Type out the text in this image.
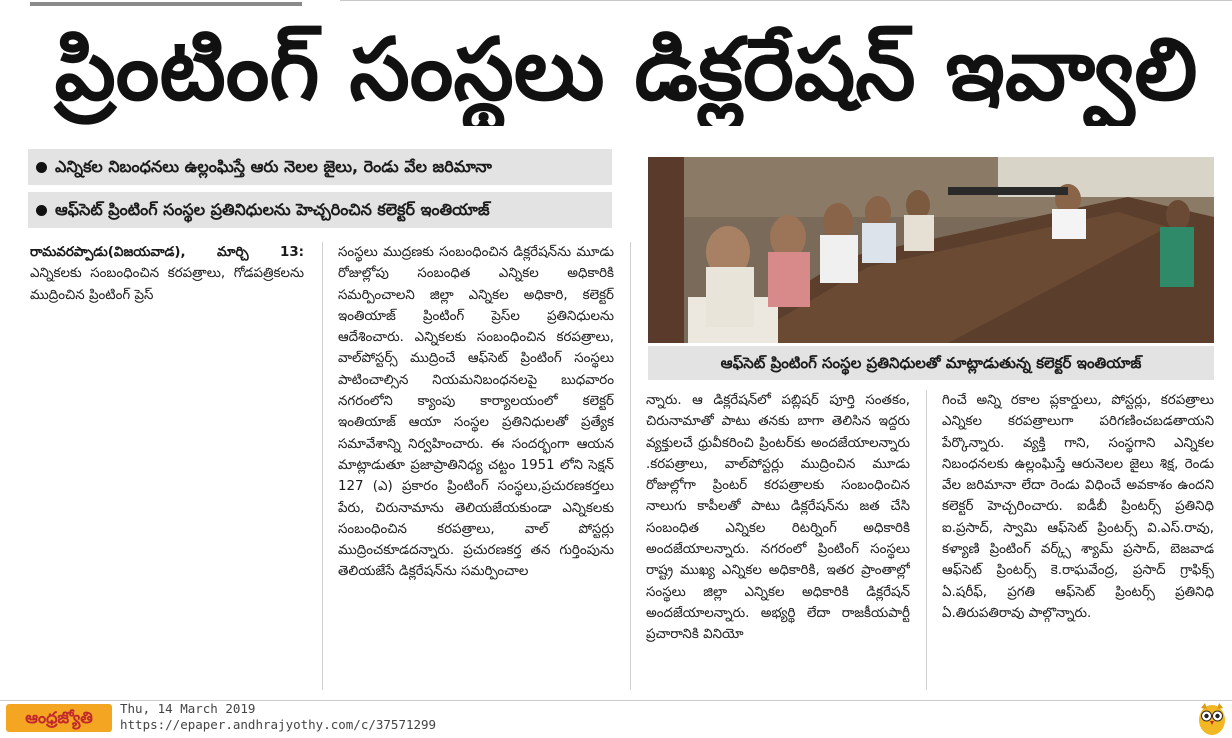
ప్రింటింగ్ సంస్థలు డిక్లరేషన్ ఇవ్వాలి
ఎన్నికల నిబంధనలు ఉల్లంఘిస్తే ఆరు నెలల జైలు, రెండు వేల జరిమానా
ఆఫ్‌సెట్ ప్రింటింగ్ సంస్థల ప్రతినిధులను హెచ్చరించిన కలెక్టర్ ఇంతియాజ్

రామవరప్పాడు(విజయవాడ), మార్చి 13: ఎన్నికలకు సంబంధించిన కరపత్రాలు, గోడపత్రికలను ముద్రించిన ప్రింటింగ్ ప్రెస్

సంస్థలు ముద్రణకు సంబంధించిన డిక్లరేషన్‌ను మూడు రోజుల్లోపు సంబంధిత ఎన్నికల అధికారికి సమర్పించాలని జిల్లా ఎన్నికల అధికారి, కలెక్టర్ ఇంతియాజ్ ప్రింటింగ్ ప్రెస్‌ల ప్రతినిధులను ఆదేశించారు. ఎన్నికలకు సంబంధించిన కరపత్రాలు, వాల్‌పోస్టర్స్ ముద్రించే ఆఫ్‌సెట్ ప్రింటింగ్ సంస్థలు పాటించాల్సిన నియమనిబంధనలపై బుధవారం నగరంలోని క్యాంపు కార్యాలయంలో కలెక్టర్ ఇంతియాజ్ ఆయా సంస్థల ప్రతినిధులతో ప్రత్యేక సమావేశాన్ని నిర్వహించారు. ఈ సందర్భంగా ఆయన మాట్లాడుతూ ప్రజాప్రాతినిధ్య చట్టం 1951 లోని సెక్షన్ 127 (ఎ) ప్రకారం ప్రింటింగ్ సంస్థలు,ప్రచురణకర్తలు పేరు, చిరునామాను తెలియజేయకుండా ఎన్నికలకు సంబంధించిన కరపత్రాలు, వాల్ పోస్టర్లు ముద్రించకూడదన్నారు. ప్రచురణకర్త తన గుర్తింపును తెలియజేసే డిక్లరేషన్‌ను సమర్పించాల

ఆఫ్‌సెట్ ప్రింటింగ్ సంస్థల ప్రతినిధులతో మాట్లాడుతున్న కలెక్టర్ ఇంతియాజ్

న్నారు. ఆ డిక్లరేషన్‌లో పబ్లిషర్ పూర్తి సంతకం, చిరునామాతో పాటు తనకు బాగా తెలిసిన ఇద్దరు వ్యక్తులచే ధ్రువీకరించి ప్రింటర్‌కు అందజేయాలన్నారు .కరపత్రాలు, వాల్‌పోస్టర్లు ముద్రించిన మూడు రోజుల్లోగా ప్రింటర్ కరపత్రాలకు సంబంధించిన నాలుగు కాపీలతో పాటు డిక్లరేషన్‌ను జత చేసి సంబంధిత ఎన్నికల రిటర్నింగ్ అధికారికి అందజేయాలన్నారు. నగరంలో ప్రింటింగ్ సంస్థలు రాష్ట్ర ముఖ్య ఎన్నికల అధికారికి, ఇతర ప్రాంతాల్లో సంస్థలు జిల్లా ఎన్నికల అధికారికి డిక్లరేషన్ అందజేయాలన్నారు. అభ్యర్థి లేదా రాజకీయపార్టీ ప్రచారానికి వినియో

గించే అన్ని రకాల ప్లకార్డులు, పోస్టర్లు, కరపత్రాలు ఎన్నికల కరపత్రాలుగా పరిగణించబడతాయని పేర్కొన్నారు. వ్యక్తి గాని, సంస్థగాని ఎన్నికల నిబంధనలకు ఉల్లంఘిస్తే ఆరునెలల జైలు శిక్ష, రెండు వేల జరిమానా లేదా రెండు విధించే అవకాశం ఉందని కలెక్టర్ హెచ్చరించారు. ఐడీబీ ప్రింటర్స్ ప్రతినిధి ఐ.ప్రసాద్, స్వామి ఆఫ్‌సెట్ ప్రింటర్స్ వి.ఎస్.రావు, కళ్యాణి ప్రింటింగ్ వర్క్స్ శ్యామ్ ప్రసాద్, బెజవాడ ఆఫ్‌సెట్ ప్రింటర్స్ కె.రాఘవేంద్ర, ప్రసాద్ గ్రాఫిక్స్ ఏ.షరీఫ్, ప్రగతి ఆఫ్‌సెట్ ప్రింటర్స్ ప్రతినిధి ఏ.తిరుపతిరావు పాల్గొన్నారు.

ఆంధ్రజ్యోతి	Thu, 14 March 2019
https://epaper.andhrajyothy.com/c/37571299
